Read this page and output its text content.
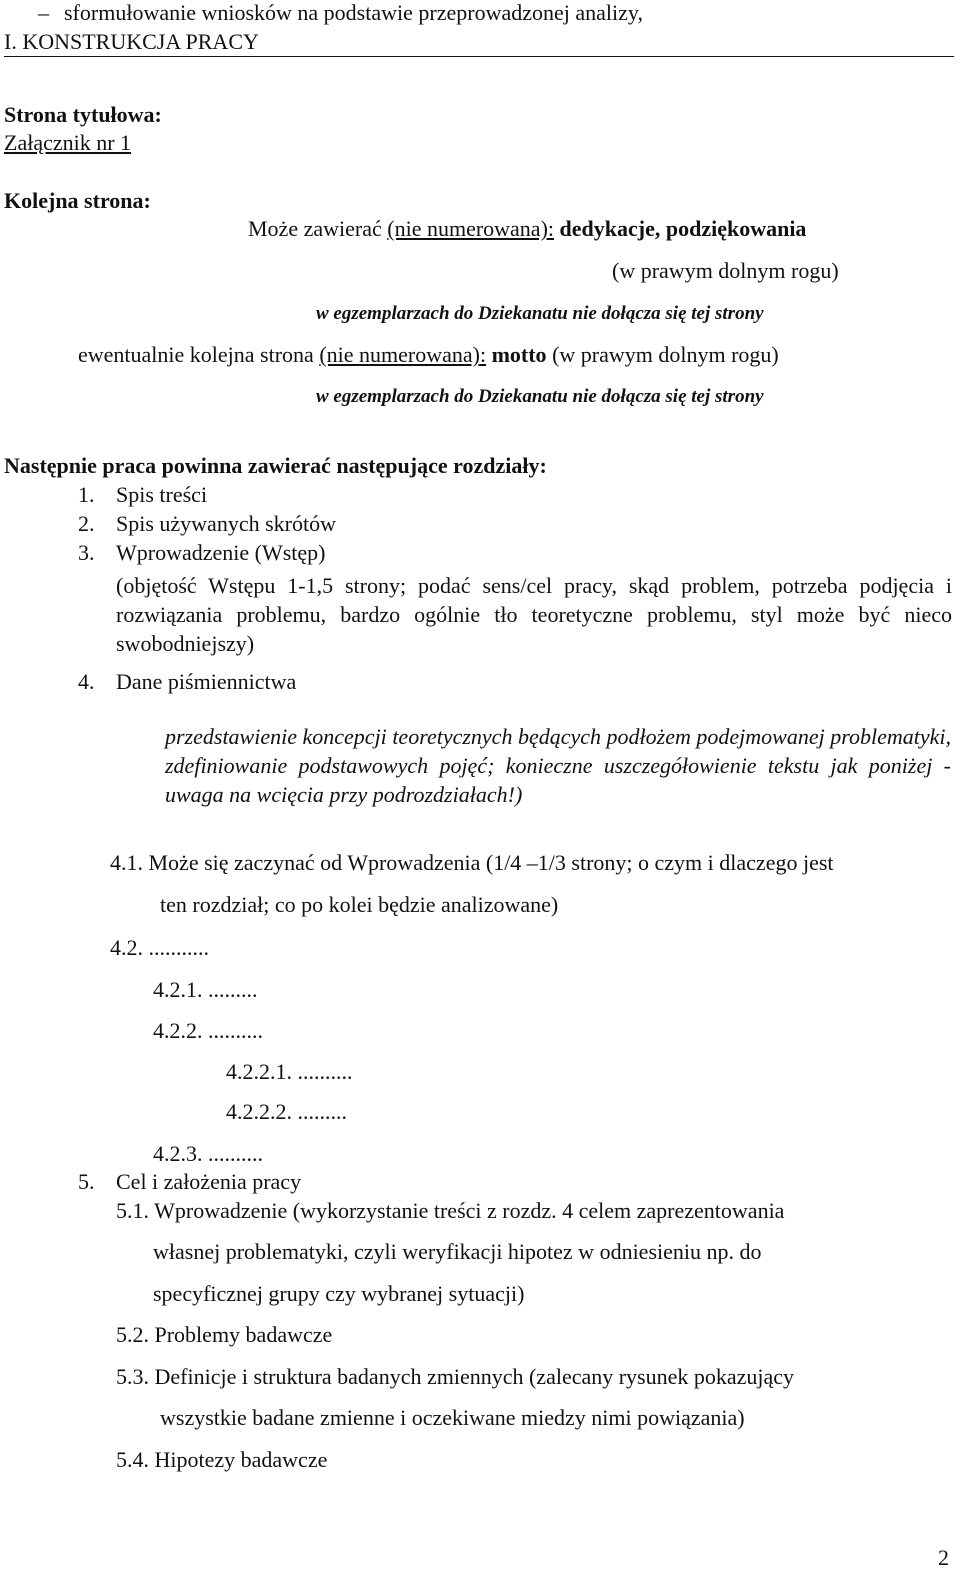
– sformułowanie wniosków na podstawie przeprowadzonej analizy,
I. KONSTRUKCJA PRACY
Strona tytułowa:
Załącznik nr 1
Kolejna strona:
Może zawierać (nie numerowana): dedykacje, podziękowania
(w prawym dolnym rogu)
w egzemplarzach do Dziekanatu nie dołącza się tej strony
ewentualnie kolejna strona (nie numerowana): motto (w prawym dolnym rogu)
w egzemplarzach do Dziekanatu nie dołącza się tej strony
Następnie praca powinna zawierać następujące rozdziały:
1. Spis treści
2. Spis używanych skrótów
3. Wprowadzenie (Wstęp)
(objętość Wstępu 1-1,5 strony; podać sens/cel pracy, skąd problem, potrzeba podjęcia i rozwiązania problemu, bardzo ogólnie tło teoretyczne problemu, styl może być nieco swobodniejszy)
4. Dane piśmiennictwa
przedstawienie koncepcji teoretycznych będących podłożem podejmowanej problematyki, zdefiniowanie podstawowych pojęć; konieczne uszczegółowienie tekstu jak poniżej - uwaga na wcięcia przy podrozdziałach!)
4.1. Może się zaczynać od Wprowadzenia (1/4 –1/3 strony; o czym i dlaczego jest
ten rozdział; co po kolei będzie analizowane)
4.2. ...........
4.2.1. .........
4.2.2. ..........
4.2.2.1. ..........
4.2.2.2. .........
4.2.3. ..........
5. Cel i założenia pracy
5.1. Wprowadzenie (wykorzystanie treści z rozdz. 4 celem zaprezentowania
własnej problematyki, czyli weryfikacji hipotez w odniesieniu np. do
specyficznej grupy czy wybranej sytuacji)
5.2. Problemy badawcze
5.3. Definicje i struktura badanych zmiennych (zalecany rysunek pokazujący
wszystkie badane zmienne i oczekiwane miedzy nimi powiązania)
5.4. Hipotezy badawcze
2
